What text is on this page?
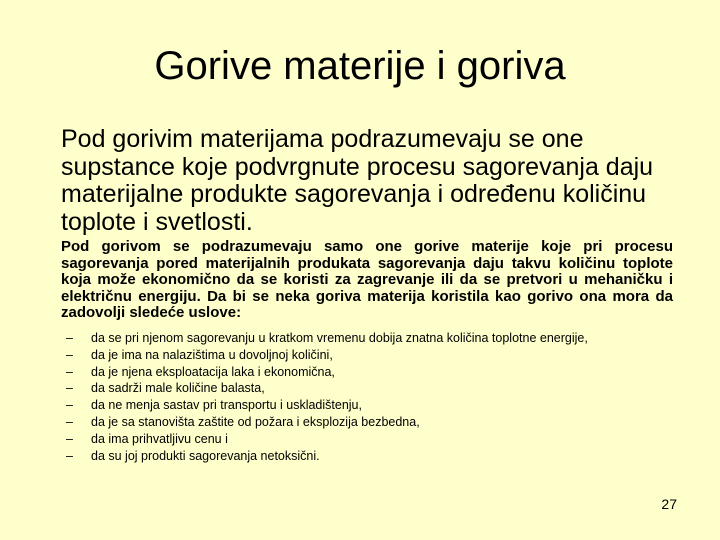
Gorive materije i goriva

Pod gorivim materijama podrazumevaju se one supstance koje podvrgnute procesu sagorevanja daju materijalne produkte sagorevanja i određenu količinu toplote i svetlosti.

Pod gorivom se podrazumevaju samo one gorive materije koje pri procesu sagorevanja pored materijalnih produkata sagorevanja daju takvu količinu toplote koja može ekonomično da se koristi za zagrevanje ili da se pretvori u mehaničku i električnu energiju. Da bi se neka goriva materija koristila kao gorivo ona mora da zadovolji sledeće uslove:

– da se pri njenom sagorevanju u kratkom vremenu dobija znatna količina toplotne energije,
– da je ima na nalazištima u dovoljnoj količini,
– da je njena eksploatacija laka i ekonomična,
– da sadrži male količine balasta,
– da ne menja sastav pri transportu i uskladištenju,
– da je sa stanovišta zaštite od požara i eksplozija bezbedna,
– da ima prihvatljivu cenu i
– da su joj produkti sagorevanja netoksični.
27
